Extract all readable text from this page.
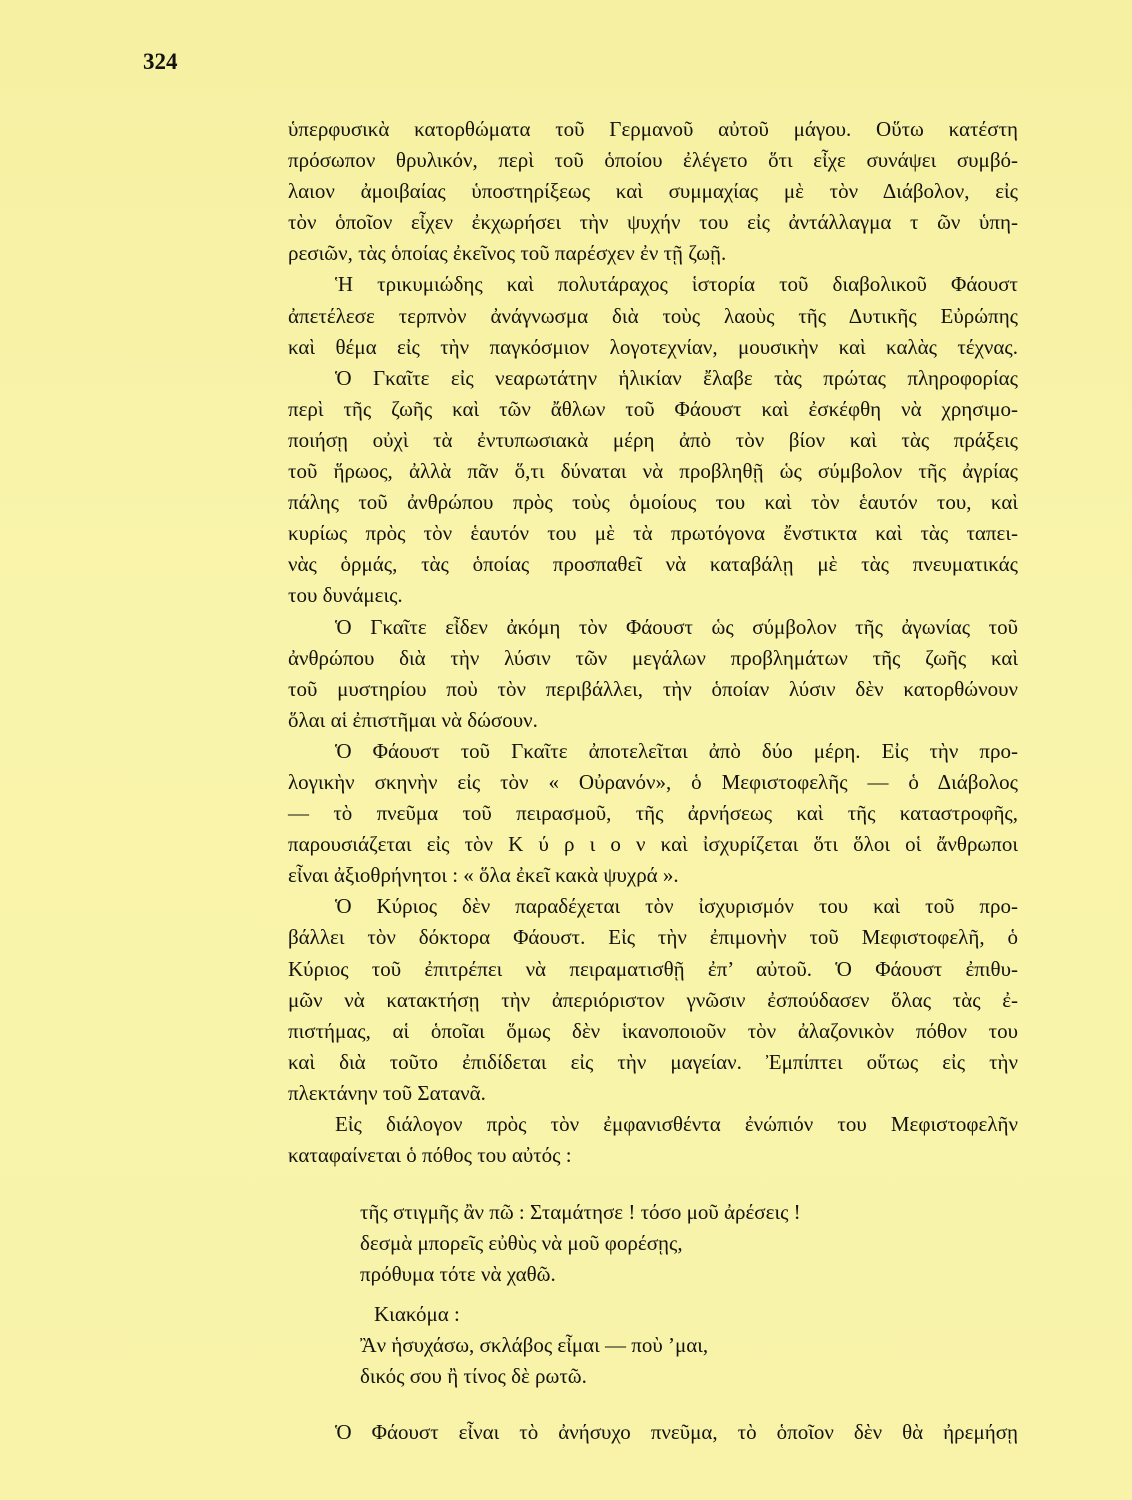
324
ὑπερφυσικὰ κατορθώματα τοῦ Γερμανοῦ αὐτοῦ μάγου. Οὕτω κατέστη
πρόσωπον θρυλικόν, περὶ τοῦ ὁποίου ἐλέγετο ὅτι εἶχε συνάψει συμβό-
λαιον ἀμοιβαίας ὑποστηρίξεως καὶ συμμαχίας μὲ τὸν Διάβολον, εἰς
τὸν ὁποῖον εἶχεν ἐκχωρήσει τὴν ψυχήν του εἰς ἀντάλλαγμα τ ῶν ὑπη-
ρεσιῶν, τὰς ὁποίας ἐκεῖνος τοῦ παρέσχεν ἐν τῇ ζωῇ.
Ἡ τρικυμιώδης καὶ πολυτάραχος ἱστορία τοῦ διαβολικοῦ Φάουστ
ἀπετέλεσε τερπνὸν ἀνάγνωσμα διὰ τοὺς λαοὺς τῆς Δυτικῆς Εὐρώπης
καὶ θέμα εἰς τὴν παγκόσμιον λογοτεχνίαν, μουσικὴν καὶ καλὰς τέχνας.
Ὁ Γκαῖτε εἰς νεαρωτάτην ἡλικίαν ἔλαβε τὰς πρώτας πληροφορίας
περὶ τῆς ζωῆς καὶ τῶν ἄθλων τοῦ Φάουστ καὶ ἐσκέφθη νὰ χρησιμο-
ποιήσῃ οὐχὶ τὰ ἐντυπωσιακὰ μέρη ἀπὸ τὸν βίον καὶ τὰς πράξεις
τοῦ ἥρωος, ἀλλὰ πᾶν ὅ,τι δύναται νὰ προβληθῇ ὡς σύμβολον τῆς ἀγρίας
πάλης τοῦ ἀνθρώπου πρὸς τοὺς ὁμοίους του καὶ τὸν ἑαυτόν του, καὶ
κυρίως πρὸς τὸν ἑαυτόν του μὲ τὰ πρωτόγονα ἔνστικτα καὶ τὰς ταπει-
νὰς ὁρμάς, τὰς ὁποίας προσπαθεῖ νὰ καταβάλῃ μὲ τὰς πνευματικάς
του δυνάμεις.
Ὁ Γκαῖτε εἶδεν ἀκόμη τὸν Φάουστ ὡς σύμβολον τῆς ἀγωνίας τοῦ
ἀνθρώπου διὰ τὴν λύσιν τῶν μεγάλων προβλημάτων τῆς ζωῆς καὶ
τοῦ μυστηρίου ποὺ τὸν περιβάλλει, τὴν ὁποίαν λύσιν δὲν κατορθώνουν
ὅλαι αἱ ἐπιστῆμαι νὰ δώσουν.
Ὁ Φάουστ τοῦ Γκαῖτε ἀποτελεῖται ἀπὸ δύο μέρη. Εἰς τὴν προ-
λογικὴν σκηνὴν εἰς τὸν « Οὐρανόν», ὁ Μεφιστοφελῆς — ὁ Διάβολος
— τὸ πνεῦμα τοῦ πειρασμοῦ, τῆς ἀρνήσεως καὶ τῆς καταστροφῆς,
παρουσιάζεται εἰς τὸν Κ ύ ρ ι ο ν καὶ ἰσχυρίζεται ὅτι ὅλοι οἱ ἄνθρωποι
εἶναι ἀξιοθρήνητοι : « ὅλα ἐκεῖ κακὰ ψυχρά ».
Ὁ Κύριος δὲν παραδέχεται τὸν ἰσχυρισμόν του καὶ τοῦ προ-
βάλλει τὸν δόκτορα Φάουστ. Εἰς τὴν ἐπιμονὴν τοῦ Μεφιστοφελῆ, ὁ
Κύριος τοῦ ἐπιτρέπει νὰ πειραματισθῇ ἐπ’ αὐτοῦ. Ὁ Φάουστ ἐπιθυ-
μῶν νὰ κατακτήσῃ τὴν ἀπεριόριστον γνῶσιν ἐσπούδασεν ὅλας τὰς ἐ-
πιστήμας, αἱ ὁποῖαι ὅμως δὲν ἱκανοποιοῦν τὸν ἀλαζονικὸν πόθον του
καὶ διὰ τοῦτο ἐπιδίδεται εἰς τὴν μαγείαν. Ἐμπίπτει οὕτως εἰς τὴν
πλεκτάνην τοῦ Σατανᾶ.
Εἰς διάλογον πρὸς τὸν ἐμφανισθέντα ἐνώπιόν του Μεφιστοφελῆν
καταφαίνεται ὁ πόθος του αὐτός :
τῆς στιγμῆς ἂν πῶ : Σταμάτησε ! τόσο μοῦ ἀρέσεις !
δεσμὰ μπορεῖς εὐθὺς νὰ μοῦ φορέσῃς,
πρόθυμα τότε νὰ χαθῶ.
Κιακόμα :
Ἂν ἡσυχάσω, σκλάβος εἶμαι — ποὺ ’μαι,
δικός σου ἢ τίνος δὲ ρωτῶ.
Ὁ Φάουστ εἶναι τὸ ἀνήσυχο πνεῦμα, τὸ ὁποῖον δὲν θὰ ἠρεμήσῃ
